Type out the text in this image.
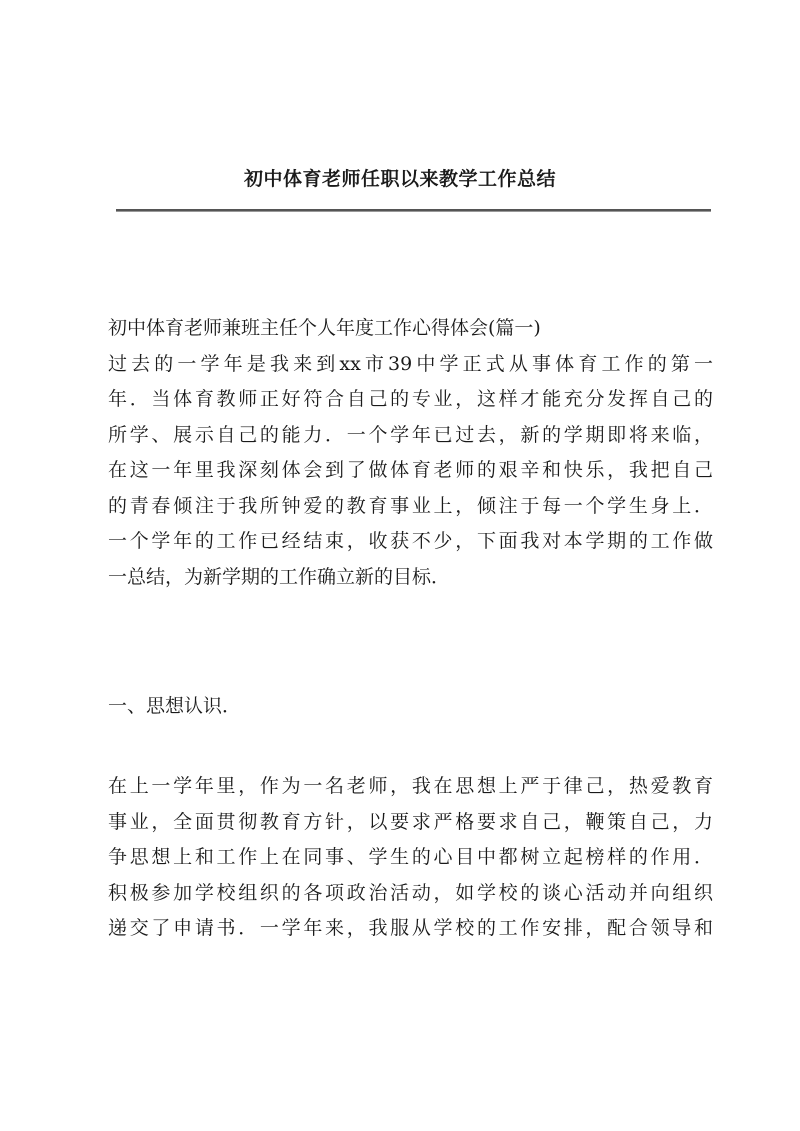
初中体育老师任职以来教学工作总结
初中体育老师兼班主任个人年度工作心得体会(篇一)
过去的一学年是我来到xx市39中学正式从事体育工作的第一
年．当体育教师正好符合自己的专业，这样才能充分发挥自己的
所学、展示自己的能力．一个学年已过去，新的学期即将来临，
在这一年里我深刻体会到了做体育老师的艰辛和快乐，我把自己
的青春倾注于我所钟爱的教育事业上，倾注于每一个学生身上．
一个学年的工作已经结束，收获不少，下面我对本学期的工作做
一总结，为新学期的工作确立新的目标．
一、思想认识．
在上一学年里，作为一名老师，我在思想上严于律己，热爱教育
事业，全面贯彻教育方针，以要求严格要求自己，鞭策自己，力
争思想上和工作上在同事、学生的心目中都树立起榜样的作用．
积极参加学校组织的各项政治活动，如学校的谈心活动并向组织
递交了申请书．一学年来，我服从学校的工作安排，配合领导和
